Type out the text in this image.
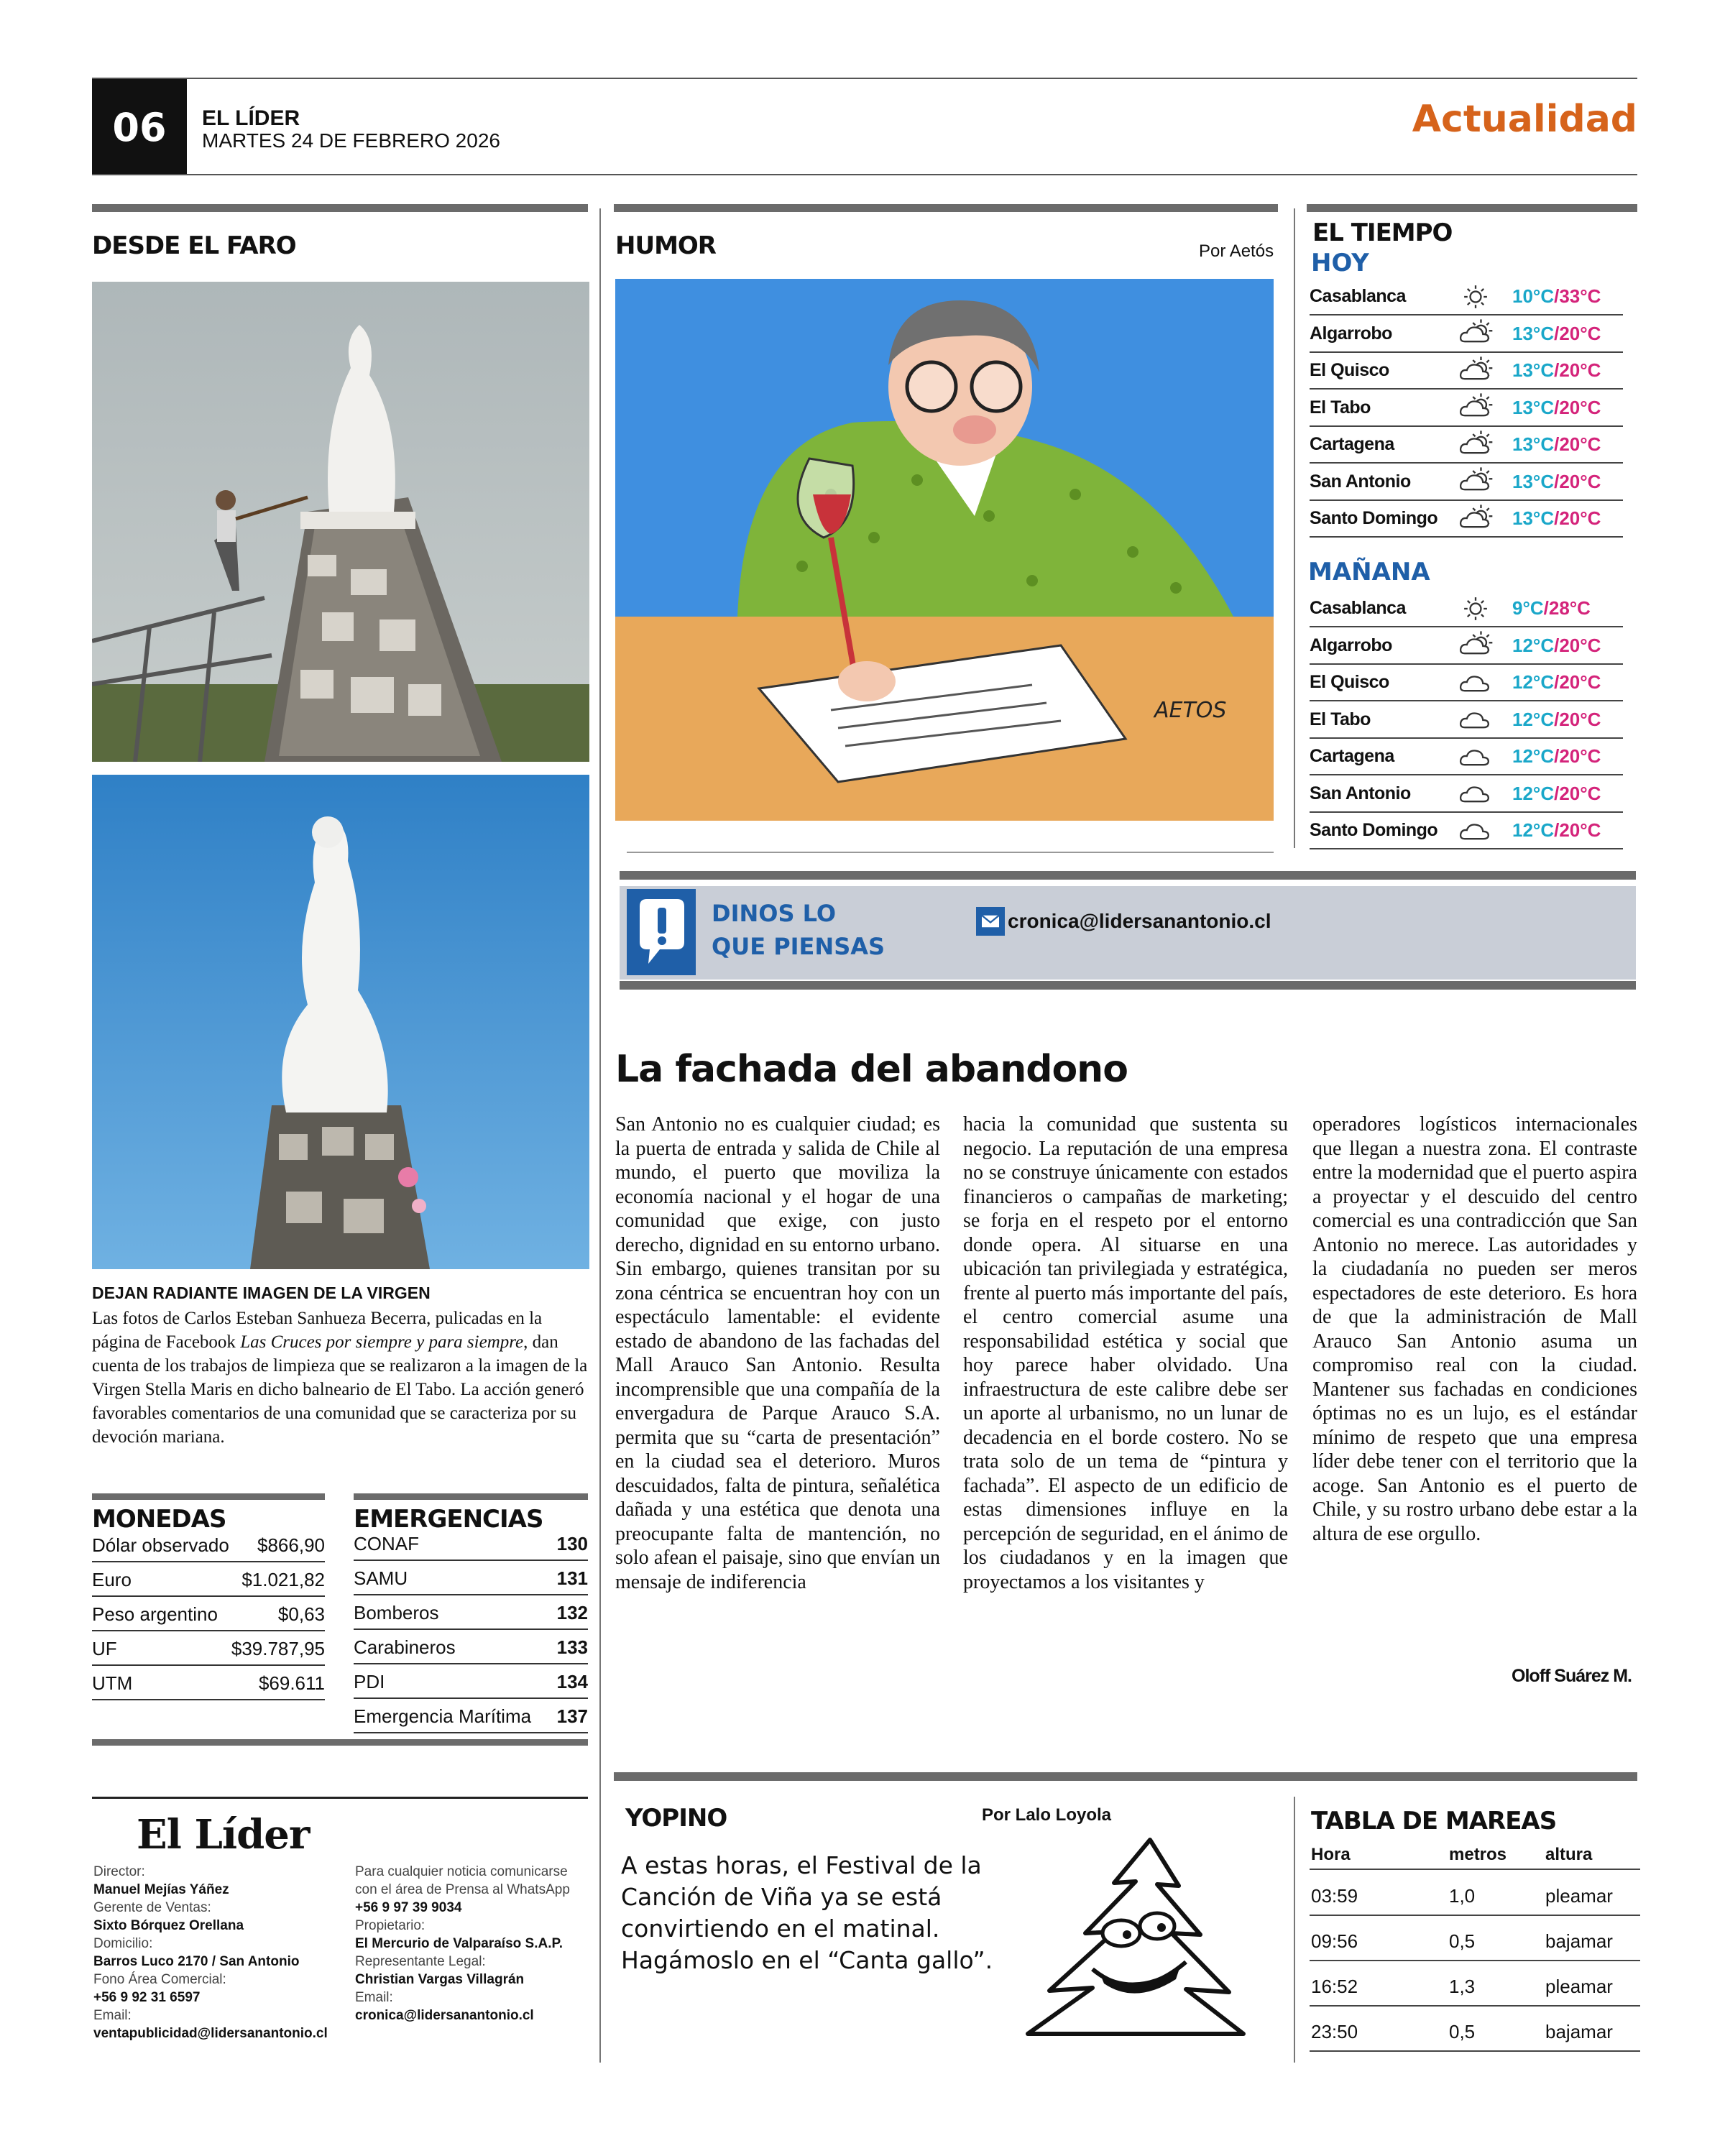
06	EL LÍDER
MARTES 24 DE FEBRERO 2026	Actualidad
DESDE EL FARO
DEJAN RADIANTE IMAGEN DE LA VIRGEN
Las fotos de Carlos Esteban Sanhueza Becerra, pulicadas en la página de Facebook Las Cruces por siempre y para siempre, dan cuenta de los trabajos de limpieza que se realizaron a la imagen de la Virgen Stella Maris en dicho balneario de El Tabo. La acción generó favorables comentarios de una comunidad que se caracteriza por su devoción mariana.
MONEDAS
Dólar observado $866,90
Euro	$1.021,82
Peso argentino	$0,63
UF	$39.787,95
UTM	$69.611
EMERGENCIAS
CONAF	130
SAMU	131
Bomberos	132
Carabineros	133
PDI	134
Emergencia Marítima 137
El Líder
Director:
Manuel Mejías Yáñez
Gerente de Ventas:
Sixto Bórquez Orellana
Domicilio:
Barros Luco 2170 / San Antonio
Fono Área Comercial:
+56 9 92 31 6597
Email:
ventapublicidad@lidersanantonio.cl
Para cualquier noticia comunicarse con el área de Prensa al WhatsApp
+56 9 97 39 9034
Propietario:
El Mercurio de Valparaíso S.A.P.
Representante Legal:
Christian Vargas Villagrán
Email:
cronica@lidersanantonio.cl
HUMOR	Por Aetós
AETOS
EL TIEMPO
HOY
Casablanca	10°C/33°C
Algarrobo	13°C/20°C
El Quisco	13°C/20°C
El Tabo	13°C/20°C
Cartagena	13°C/20°C
San Antonio	13°C/20°C
Santo Domingo	13°C/20°C
MAÑANA
Casablanca	9°C/28°C
Algarrobo	12°C/20°C
El Quisco	12°C/20°C
El Tabo	12°C/20°C
Cartagena	12°C/20°C
San Antonio	12°C/20°C
Santo Domingo	12°C/20°C
DINOS LO
QUE PIENSAS
cronica@lidersanantonio.cl
La fachada del abandono
San Antonio no es cualquier ciudad; es la puerta de entrada y salida de Chile al mundo, el puerto que moviliza la economía nacional y el hogar de una comunidad que exige, con justo derecho, dignidad en su entorno urbano. Sin embargo, quienes transitan por su zona céntrica se encuentran hoy con un espectáculo lamentable: el evidente estado de abandono de las fachadas del Mall Arauco San Antonio. Resulta incomprensible que una compañía de la envergadura de Parque Arauco S.A. permita que su “carta de presentación” en la ciudad sea el deterioro. Muros descuidados, falta de pintura, señalética dañada y una estética que denota una preocupante falta de mantención, no solo afean el paisaje, sino que envían un mensaje de indiferencia
hacia la comunidad que sustenta su negocio. La reputación de una empresa no se construye únicamente con estados financieros o campañas de marketing; se forja en el respeto por el entorno donde opera. Al situarse en una ubicación tan privilegiada y estratégica, frente al puerto más importante del país, el centro comercial asume una responsabilidad estética y social que hoy parece haber olvidado. Una infraestructura de este calibre debe ser un aporte al urbanismo, no un lunar de decadencia en el borde costero. No se trata solo de un tema de “pintura y fachada”. El aspecto de un edificio de estas dimensiones influye en la percepción de seguridad, en el ánimo de los ciudadanos y en la imagen que proyectamos a los visitantes y
operadores logísticos internacionales que llegan a nuestra zona. El contraste entre la modernidad que el puerto aspira a proyectar y el descuido del centro comercial es una contradicción que San Antonio no merece. Las autoridades y la ciudadanía no pueden ser meros espectadores de este deterioro. Es hora de que la administración de Mall Arauco San Antonio asuma un compromiso real con la ciudad. Mantener sus fachadas en condiciones óptimas no es un lujo, es el estándar mínimo de respeto que una empresa líder debe tener con el territorio que la acoge. San Antonio es el puerto de Chile, y su rostro urbano debe estar a la altura de ese orgullo.
Oloff Suárez M.
YOPINO	Por Lalo Loyola
A estas horas, el Festival de la Canción de Viña ya se está convirtiendo en el matinal. Hagámoslo en el “Canta gallo”.
TABLA DE MAREAS
Hora	metros altura
03:59	1,0	pleamar
09:56	0,5	bajamar
16:52	1,3	pleamar
23:50	0,5	bajamar
